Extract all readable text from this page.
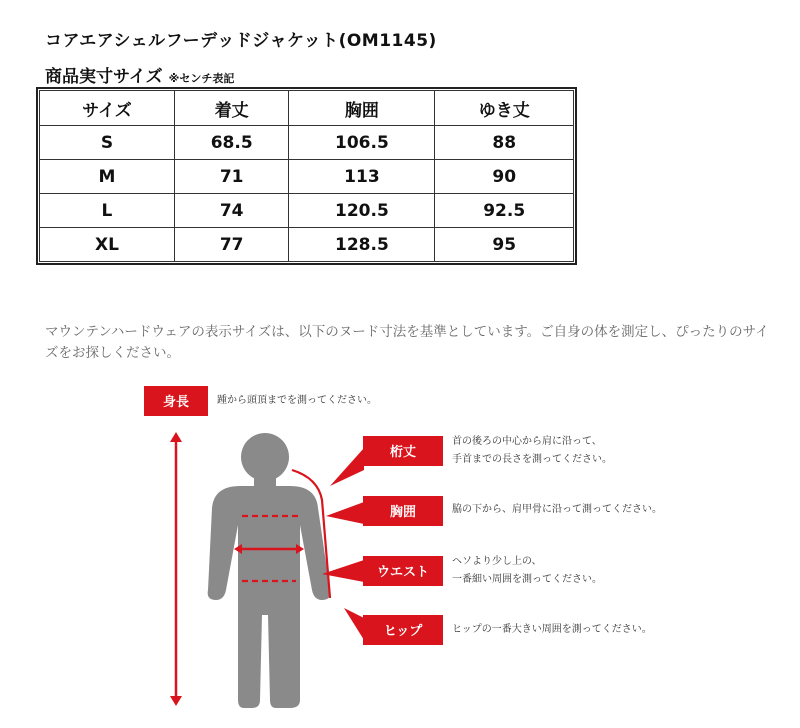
コアエアシェルフーデッドジャケット(OM1145)
商品実寸サイズ ※センチ表記
サイズ	着丈	胸囲	ゆき丈
S	68.5	106.5	88
M	71	113	90
L	74	120.5	92.5
XL	77	128.5	95
マウンテンハードウェアの表示サイズは、以下のヌード寸法を基準としています。ご自身の体を測定し、ぴったりのサイズをお探しください。
身長
桁丈
胸囲
ウエスト
ヒップ
踵から頭頂までを測ってください。
首の後ろの中心から肩に沿って、
手首までの長さを測ってください。
脇の下から、肩甲骨に沿って測ってください。
ヘソより少し上の、
一番細い周囲を測ってください。
ヒップの一番大きい周囲を測ってください。
